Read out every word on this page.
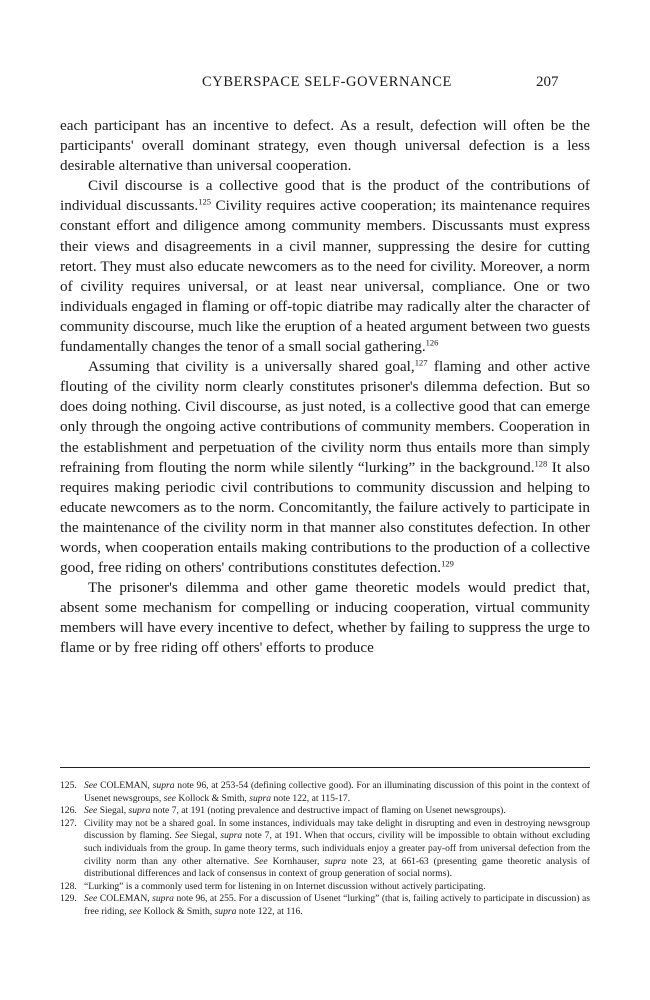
CYBERSPACE SELF-GOVERNANCE	207

each participant has an incentive to defect. As a result, defection will often be the participants' overall dominant strategy, even though universal defection is a less desirable alternative than universal cooperation.

Civil discourse is a collective good that is the product of the contributions of individual discussants.$^{125}$ Civility requires active cooperation; its maintenance requires constant effort and diligence among community members. Discussants must express their views and disagreements in a civil manner, suppressing the desire for cutting retort. They must also educate newcomers as to the need for civility. Moreover, a norm of civility requires universal, or at least near universal, compliance. One or two individuals engaged in flaming or off-topic diatribe may radically alter the character of community discourse, much like the eruption of a heated argument between two guests fundamentally changes the tenor of a small social gathering.$^{126}$

Assuming that civility is a universally shared goal,$^{127}$ flaming and other active flouting of the civility norm clearly constitutes prisoner's dilemma defection. But so does doing nothing. Civil discourse, as just noted, is a collective good that can emerge only through the ongoing active contributions of community members. Cooperation in the establishment and perpetuation of the civility norm thus entails more than simply refraining from flouting the norm while silently “lurking” in the background.$^{128}$ It also requires making periodic civil contributions to community discussion and helping to educate newcomers as to the norm. Concomitantly, the failure actively to participate in the maintenance of the civility norm in that manner also constitutes defection. In other words, when cooperation entails making contributions to the production of a collective good, free riding on others' contributions constitutes defection.$^{129}$

The prisoner's dilemma and other game theoretic models would predict that, absent some mechanism for compelling or inducing cooperation, virtual community members will have every incentive to defect, whether by failing to suppress the urge to flame or by free riding off others' efforts to produce

125. See COLEMAN, supra note 96, at 253-54 (defining collective good). For an illuminating discussion of this point in the context of Usenet newsgroups, see Kollock & Smith, supra note 122, at 115-17.
126. See Siegal, supra note 7, at 191 (noting prevalence and destructive impact of flaming on Usenet newsgroups).
127. Civility may not be a shared goal. In some instances, individuals may take delight in disrupting and even in destroying newsgroup discussion by flaming. See Siegal, supra note 7, at 191. When that occurs, civility will be impossible to obtain without excluding such individuals from the group. In game theory terms, such individuals enjoy a greater pay-off from universal defection from the civility norm than any other alternative. See Kornhauser, supra note 23, at 661-63 (presenting game theoretic analysis of distributional differences and lack of consensus in context of group generation of social norms).
128. “Lurking” is a commonly used term for listening in on Internet discussion without actively participating.
129. See COLEMAN, supra note 96, at 255. For a discussion of Usenet “lurking” (that is, failing actively to participate in discussion) as free riding, see Kollock & Smith, supra note 122, at 116.
